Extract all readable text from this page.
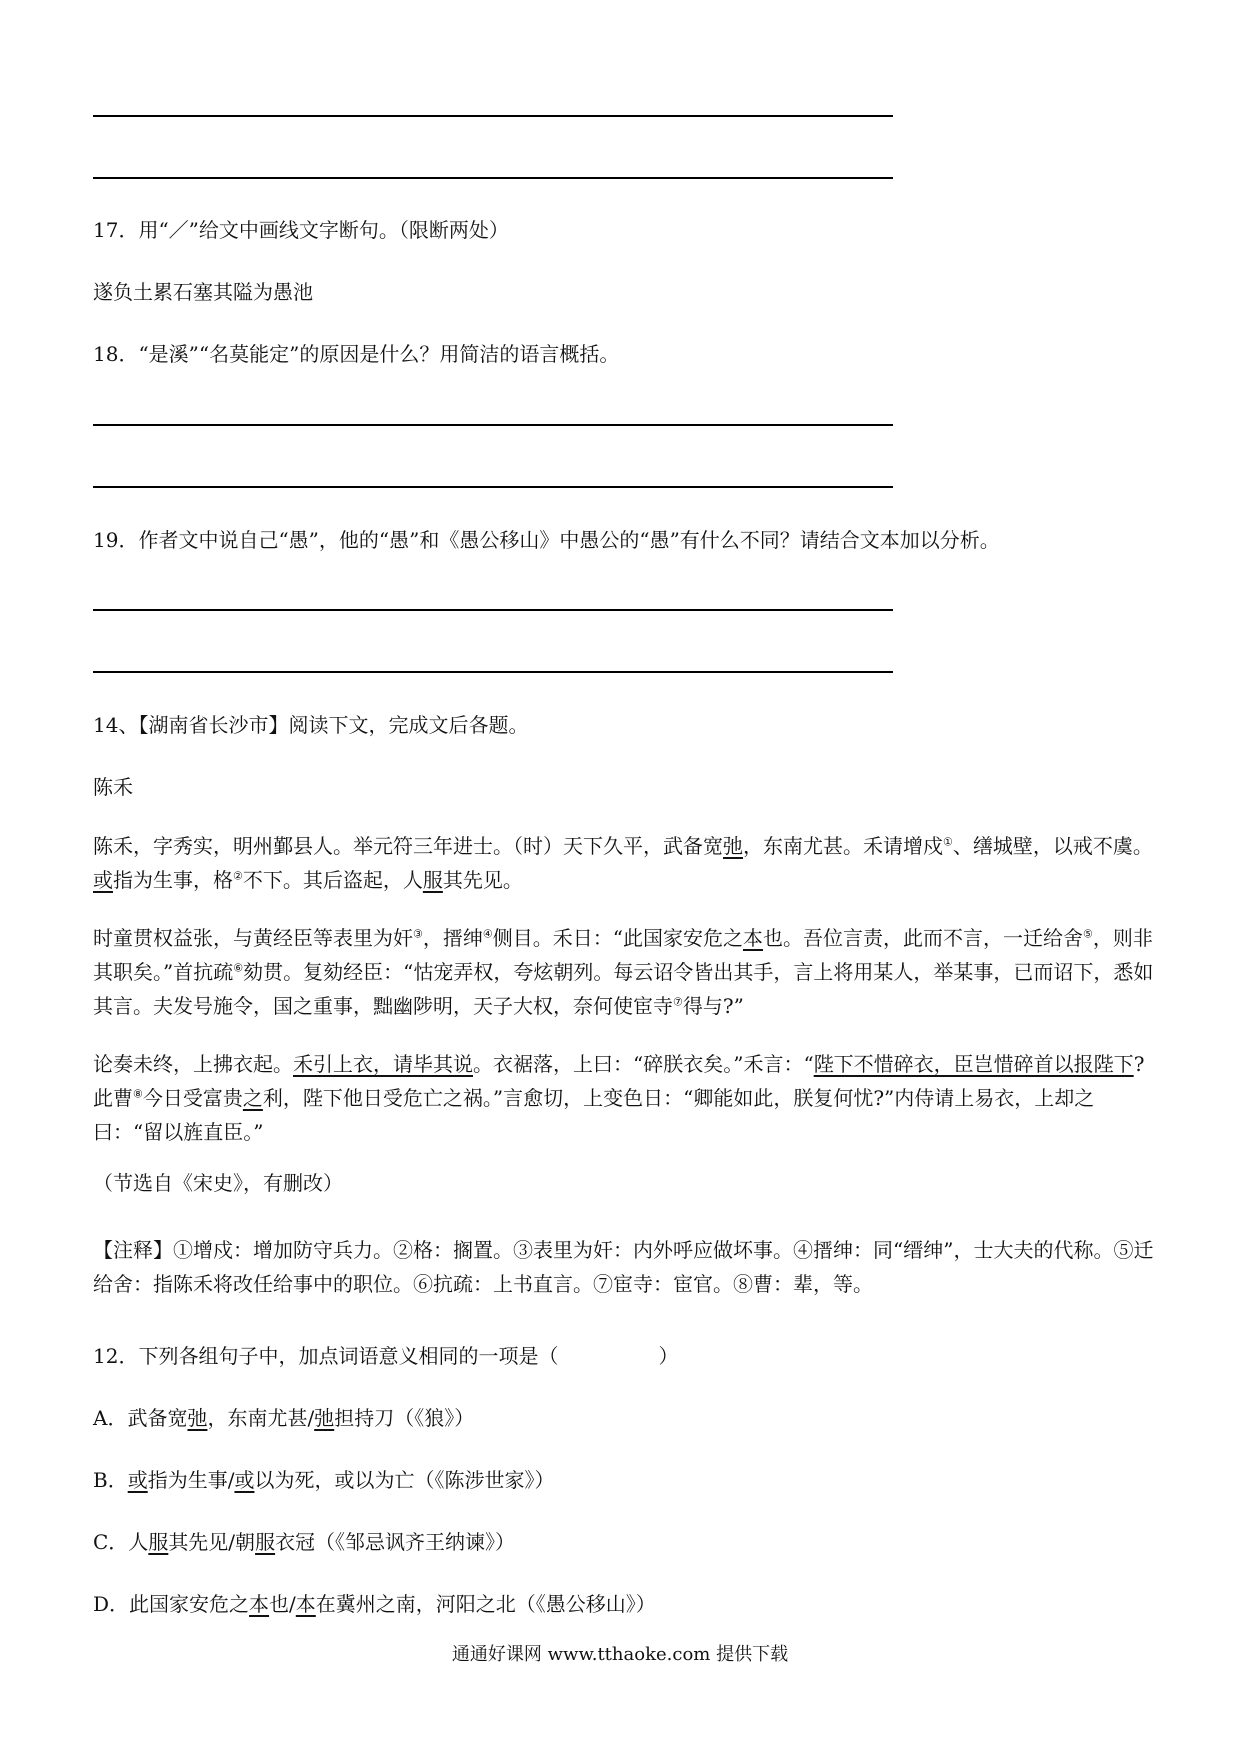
17．用“／”给文中画线文字断句。（限断两处）
遂负土累石塞其隘为愚池
18．“是溪”“名莫能定”的原因是什么？用简洁的语言概括。
19．作者文中说自己“愚”，他的“愚”和《愚公移山》中愚公的“愚”有什么不同？请结合文本加以分析。
14、【湖南省长沙市】阅读下文，完成文后各题。
陈禾
陈禾，字秀实，明州鄞县人。举元符三年进士。（时）天下久平，武备宽弛，东南尤甚。禾请增戍①、缮城壁，以戒不虞。或指为生事，格②不下。其后盗起，人服其先见。
时童贯权益张，与黄经臣等表里为奸③，搢绅④侧目。禾日：“此国家安危之本也。吾位言责，此而不言，一迁给舍⑤，则非其职矣。”首抗疏⑥劾贯。复劾经臣：“怙宠弄权，夸炫朝列。每云诏令皆出其手，言上将用某人，举某事，已而诏下，悉如其言。夫发号施令，国之重事，黜幽陟明，天子大权，奈何使宦寺⑦得与?”
论奏未终，上拂衣起。禾引上衣，请毕其说。衣裾落，上曰：“碎朕衣矣。”禾言：“陛下不惜碎衣，臣岂惜碎首以报陛下?此曹⑧今日受富贵之利，陛下他日受危亡之祸。”言愈切，上变色日：“卿能如此，朕复何忧?”内侍请上易衣，上却之曰：“留以旌直臣。”
（节选自《宋史》，有删改）
【注释】①增戍：增加防守兵力。②格：搁置。③表里为奸：内外呼应做坏事。④搢绅：同“缙绅”，士大夫的代称。⑤迁给舍：指陈禾将改任给事中的职位。⑥抗疏：上书直言。⑦宦寺：宦官。⑧曹：辈，等。
12．下列各组句子中，加点词语意义相同的一项是（　　　　　）
A．武备宽弛，东南尤甚/弛担持刀（《狼》）
B．或指为生事/或以为死，或以为亡（《陈涉世家》）
C．人服其先见/朝服衣冠（《邹忌讽齐王纳谏》）
D．此国家安危之本也/本在冀州之南，河阳之北（《愚公移山》）
通通好课网 www.tthaoke.com 提供下载
